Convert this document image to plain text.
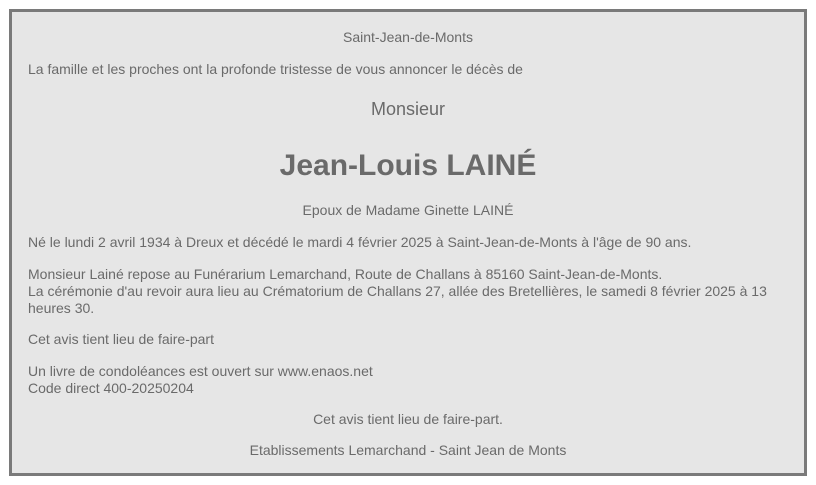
Saint-Jean-de-Monts
La famille et les proches ont la profonde tristesse de vous annoncer le décès de
Monsieur
Jean-Louis LAINÉ
Epoux de Madame Ginette LAINÉ
Né le lundi 2 avril 1934 à Dreux et décédé le mardi 4 février 2025 à Saint-Jean-de-Monts à l'âge de 90 ans.
Monsieur Lainé repose au Funérarium Lemarchand, Route de Challans à 85160 Saint-Jean-de-Monts.
La cérémonie d'au revoir aura lieu au Crématorium de Challans 27, allée des Bretellières, le samedi 8 février 2025 à 13 heures 30.
Cet avis tient lieu de faire-part
Un livre de condoléances est ouvert sur www.enaos.net
Code direct 400-20250204
Cet avis tient lieu de faire-part.
Etablissements Lemarchand - Saint Jean de Monts
